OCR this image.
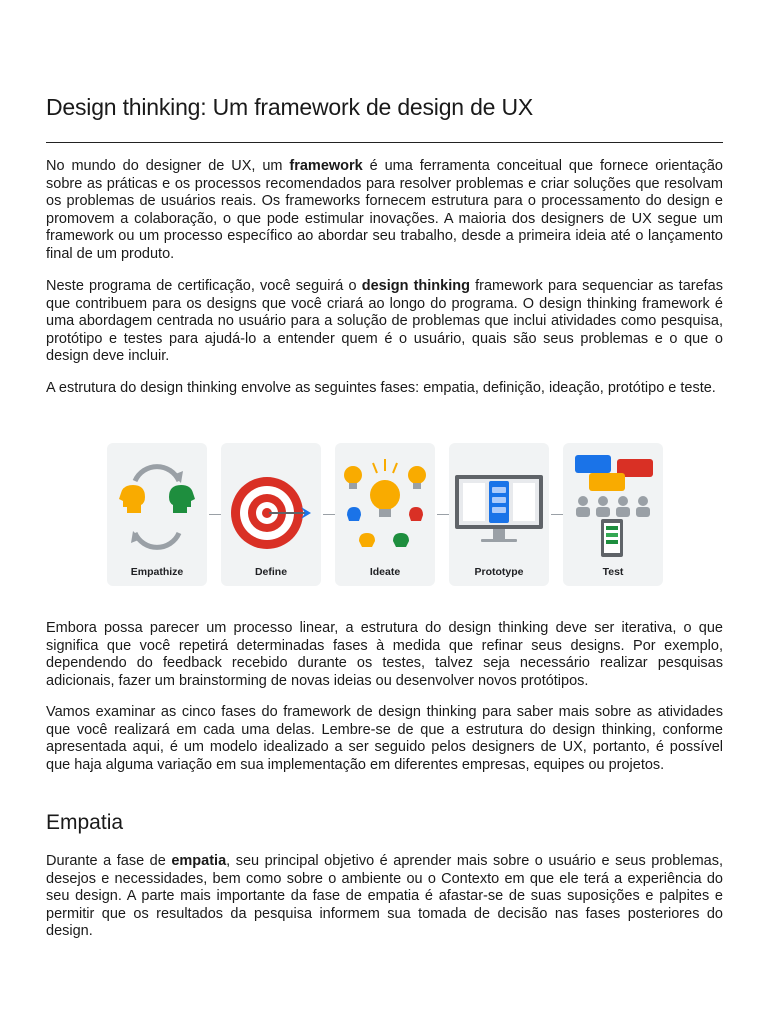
Design thinking: Um framework de design de UX

No mundo do designer de UX, um framework é uma ferramenta conceitual que fornece orientação sobre as práticas e os processos recomendados para resolver problemas e criar soluções que resolvam os problemas de usuários reais. Os frameworks fornecem estrutura para o processamento do design e promovem a colaboração, o que pode estimular inovações. A maioria dos designers de UX segue um framework ou um processo específico ao abordar seu trabalho, desde a primeira ideia até o lançamento final de um produto.

Neste programa de certificação, você seguirá o design thinking framework para sequenciar as tarefas que contribuem para os designs que você criará ao longo do programa. O design thinking framework é uma abordagem centrada no usuário para a solução de problemas que inclui atividades como pesquisa, protótipo e testes para ajudá-lo a entender quem é o usuário, quais são seus problemas e o que o design deve incluir.

A estrutura do design thinking envolve as seguintes fases: empatia, definição, ideação, protótipo e teste.

Embora possa parecer um processo linear, a estrutura do design thinking deve ser iterativa, o que significa que você repetirá determinadas fases à medida que refinar seus designs. Por exemplo, dependendo do feedback recebido durante os testes, talvez seja necessário realizar pesquisas adicionais, fazer um brainstorming de novas ideias ou desenvolver novos protótipos.

Vamos examinar as cinco fases do framework de design thinking para saber mais sobre as atividades que você realizará em cada uma delas. Lembre-se de que a estrutura do design thinking, conforme apresentada aqui, é um modelo idealizado a ser seguido pelos designers de UX, portanto, é possível que haja alguma variação em sua implementação em diferentes empresas, equipes ou projetos.

Empatia

Durante a fase de empatia, seu principal objetivo é aprender mais sobre o usuário e seus problemas, desejos e necessidades, bem como sobre o ambiente ou o Contexto em que ele terá a experiência do seu design. A parte mais importante da fase de empatia é afastar-se de suas suposições e palpites e permitir que os resultados da pesquisa informem sua tomada de decisão nas fases posteriores do design.

Empathize	Define	Ideate	Prototype	Test
